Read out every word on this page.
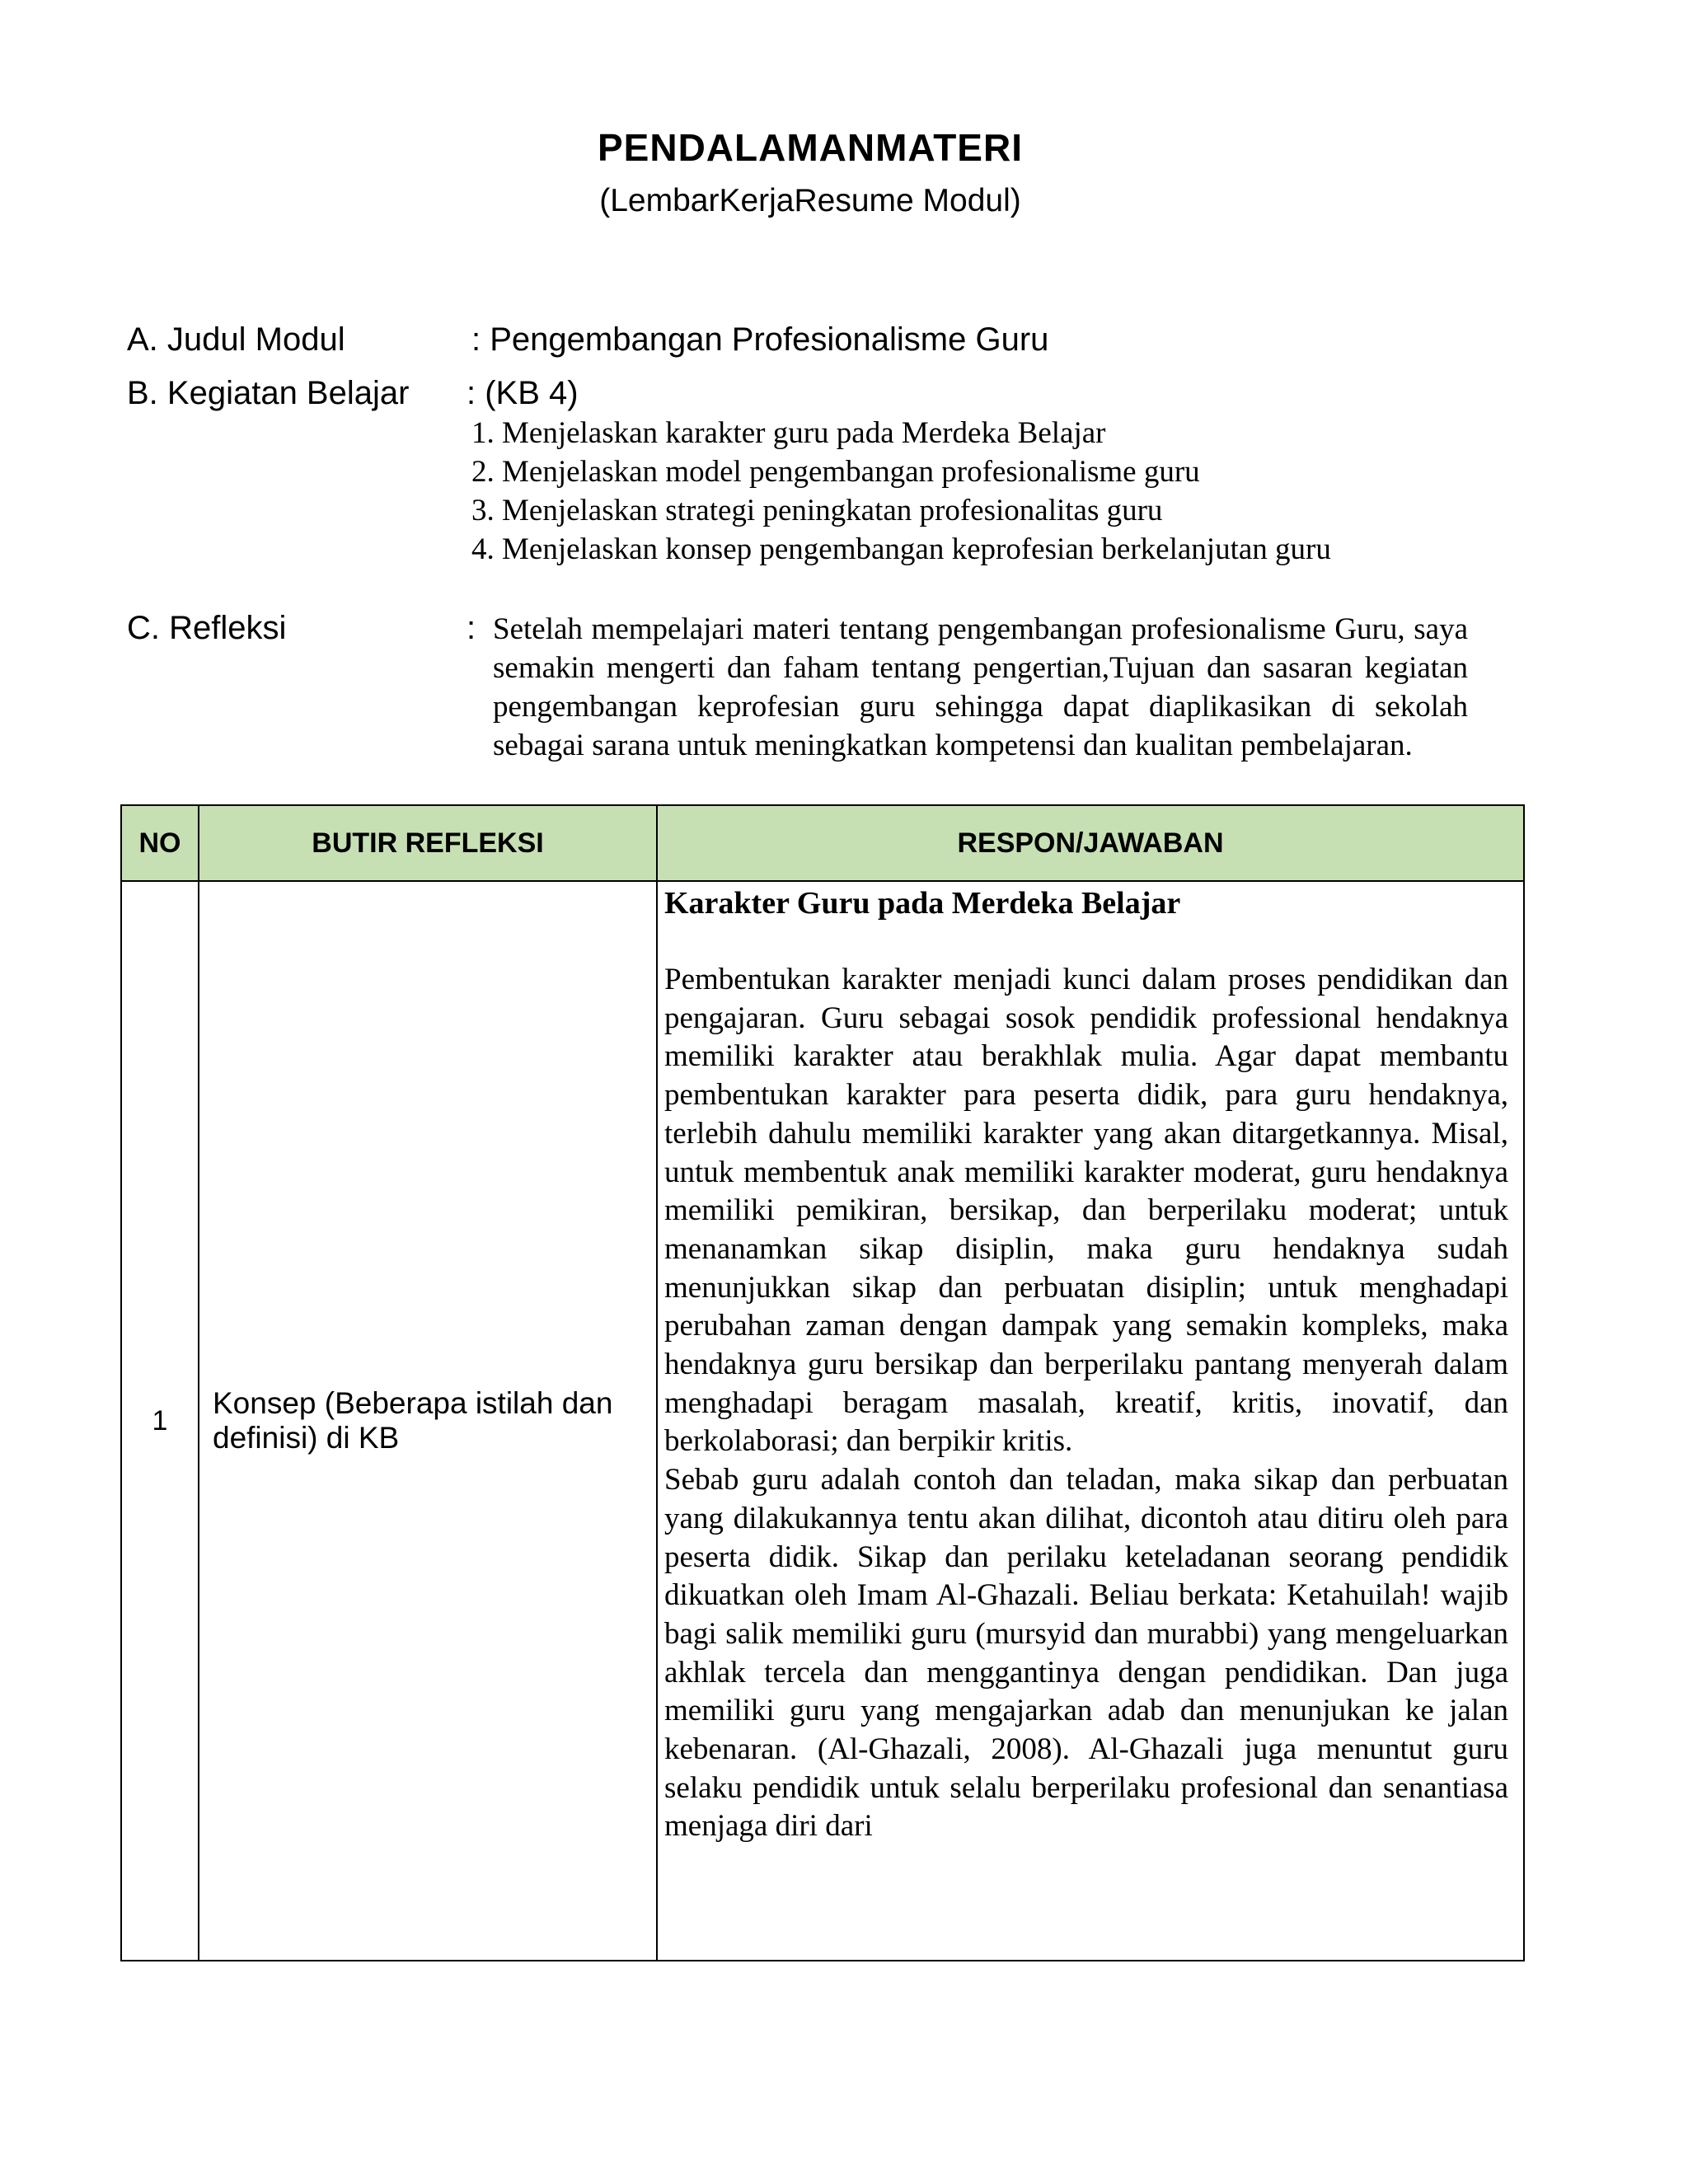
PENDALAMANMATERI
(LembarKerjaResume Modul)
A. Judul Modul	: Pengembangan Profesionalisme Guru
B. Kegiatan Belajar : (KB 4)
1. Menjelaskan karakter guru pada Merdeka Belajar
2. Menjelaskan model pengembangan profesionalisme guru
3. Menjelaskan strategi peningkatan profesionalitas guru
4. Menjelaskan konsep pengembangan keprofesian berkelanjutan guru
C. Refleksi	: Setelah mempelajari materi tentang pengembangan profesionalisme Guru, saya semakin mengerti dan faham tentang pengertian,Tujuan dan sasaran kegiatan pengembangan keprofesian guru sehingga dapat diaplikasikan di sekolah sebagai sarana untuk meningkatkan kompetensi dan kualitan pembelajaran.
NO	BUTIR REFLEKSI	RESPON/JAWABAN
1	Konsep (Beberapa istilah dan definisi) di KB	Karakter Guru pada Merdeka Belajar

Pembentukan karakter menjadi kunci dalam proses pendidikan dan pengajaran. Guru sebagai sosok pendidik professional hendaknya memiliki karakter atau berakhlak mulia. Agar dapat membantu pembentukan karakter para peserta didik, para guru hendaknya, terlebih dahulu memiliki karakter yang akan ditargetkannya. Misal, untuk membentuk anak memiliki karakter moderat, guru hendaknya memiliki pemikiran, bersikap, dan berperilaku moderat; untuk menanamkan sikap disiplin, maka guru hendaknya sudah menunjukkan sikap dan perbuatan disiplin; untuk menghadapi perubahan zaman dengan dampak yang semakin kompleks, maka hendaknya guru bersikap dan berperilaku pantang menyerah dalam menghadapi beragam masalah, kreatif, kritis, inovatif, dan berkolaborasi; dan berpikir kritis.

Sebab guru adalah contoh dan teladan, maka sikap dan perbuatan yang dilakukannya tentu akan dilihat, dicontoh atau ditiru oleh para peserta didik. Sikap dan perilaku keteladanan seorang pendidik dikuatkan oleh Imam Al-Ghazali. Beliau berkata: Ketahuilah! wajib bagi salik memiliki guru (mursyid dan murabbi) yang mengeluarkan akhlak tercela dan menggantinya dengan pendidikan. Dan juga memiliki guru yang mengajarkan adab dan menunjukan ke jalan kebenaran. (Al-Ghazali, 2008). Al-Ghazali juga menuntut guru selaku pendidik untuk selalu berperilaku profesional dan senantiasa menjaga diri dari
